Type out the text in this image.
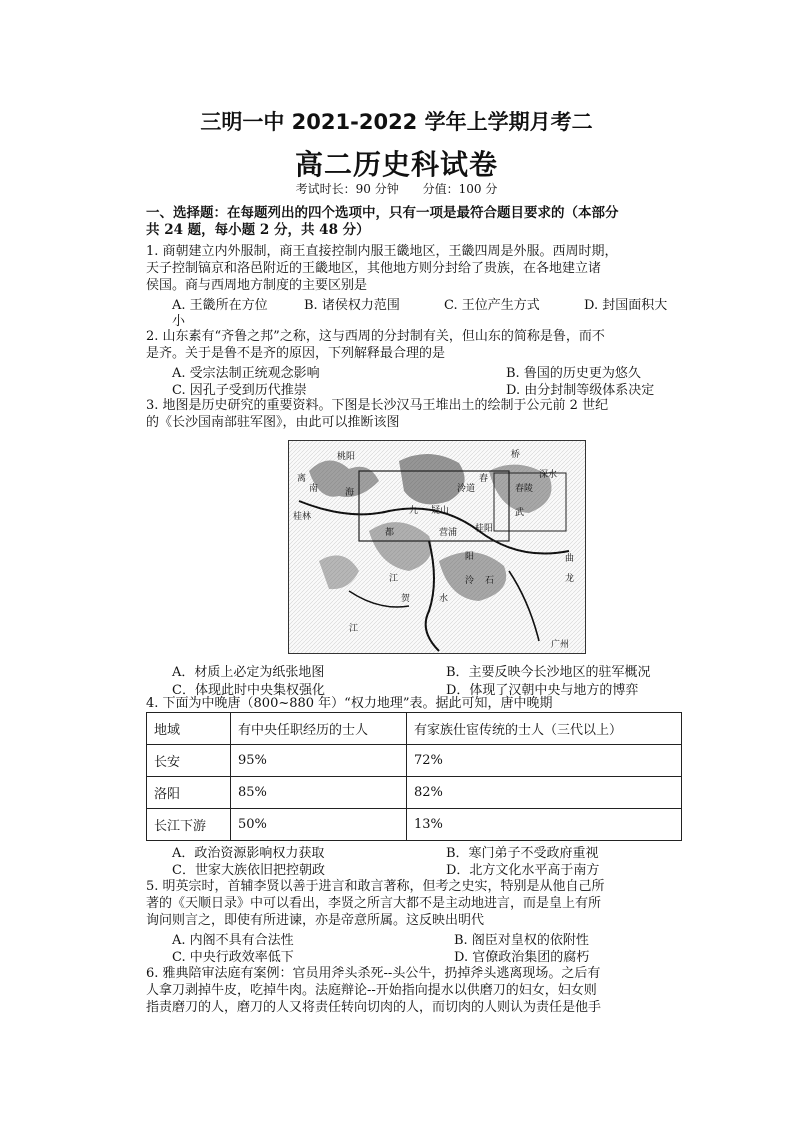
三明一中 2021-2022 学年上学期月考二
高二历史科试卷
考试时长：90 分钟 分值：100 分
一、选择题：在每题列出的四个选项中，只有一项是最符合题目要求的（本部分
共 24 题，每小题 2 分，共 48 分）
1. 商朝建立内外服制，商王直接控制内服王畿地区，王畿四周是外服。西周时期，
天子控制镐京和洛邑附近的王畿地区，其他地方则分封给了贵族，在各地建立诸
侯国。商与西周地方制度的主要区别是
A. 王畿所在方位	B. 诸侯权力范围	C. 王位产生方式	D. 封国面积大
小
2. 山东素有“齐鲁之邦”之称，这与西周的分封制有关，但山东的简称是鲁，而不
是齐。关于是鲁不是齐的原因，下列解释最合理的是
A. 受宗法制正统观念影响	B. 鲁国的历史更为悠久
C. 因孔子受到历代推崇	D. 由分封制等级体系决定
3. 地图是历史研究的重要资料。下图是长沙汉马王堆出土的绘制于公元前 2 世纪
的《长沙国南部驻军图》，由此可以推断该图
桃阳	桥
离
南
深水
海
桂林
泠道	春陵
九 疑山
舂
营浦
都	桂阳
武
曲
江	龙
阳
贺	水
泠 石
广州
江
A．材质上必定为纸张地图	B．主要反映今长沙地区的驻军概况
C．体现此时中央集权强化	D．体现了汉朝中央与地方的博弈
4. 下面为中晚唐（800~880 年）“权力地理”表。据此可知，唐中晚期
地域	有中央任职经历的士人	有家族仕宦传统的士人（三代以上）
长安	95%	72%
洛阳	85%	82%
长江下游	50%	13%
A．政治资源影响权力获取	B．寒门弟子不受政府重视
C．世家大族依旧把控朝政	D．北方文化水平高于南方
5. 明英宗时，首辅李贤以善于进言和敢言著称，但考之史实，特别是从他自己所
著的《天顺日录》中可以看出，李贤之所言大都不是主动地进言，而是皇上有所
询问则言之，即使有所进谏，亦是帝意所属。这反映出明代
A. 内阁不具有合法性	B. 阁臣对皇权的依附性
C. 中央行政效率低下	D. 官僚政治集团的腐朽
6. 雅典陪审法庭有案例：官员用斧头杀死--头公牛，扔掉斧头逃离现场。之后有
人拿刀剥掉牛皮，吃掉牛肉。法庭辩论--开始指向提水以供磨刀的妇女，妇女则
指责磨刀的人，磨刀的人又将责任转向切肉的人，而切肉的人则认为责任是他手
